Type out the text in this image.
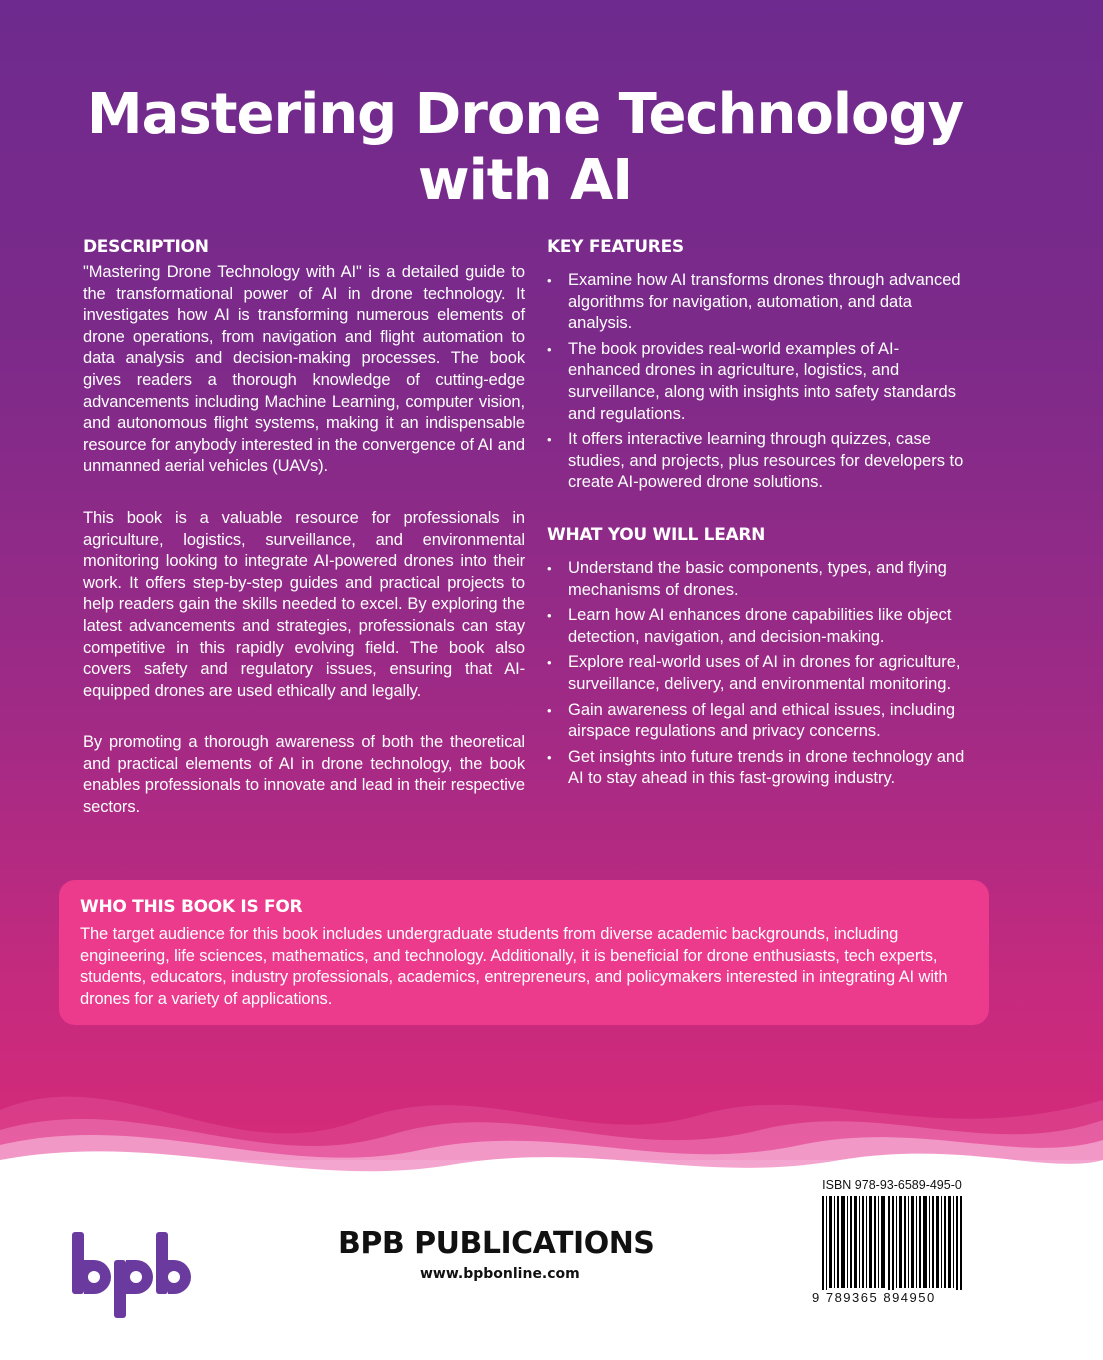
Mastering Drone Technology
with AI
DESCRIPTION

"Mastering Drone Technology with AI" is a detailed guide to the transformational power of AI in drone technology. It investigates how AI is transforming numerous elements of drone operations, from navigation and flight automation to data analysis and decision-making processes. The book gives readers a thorough knowledge of cutting-edge advancements including Machine Learning, computer vision, and autonomous flight systems, making it an indispensable resource for anybody interested in the convergence of AI and unmanned aerial vehicles (UAVs).

This book is a valuable resource for professionals in agriculture, logistics, surveillance, and environmental monitoring looking to integrate AI-powered drones into their work. It offers step-by-step guides and practical projects to help readers gain the skills needed to excel. By exploring the latest advancements and strategies, professionals can stay competitive in this rapidly evolving field. The book also covers safety and regulatory issues, ensuring that AI-equipped drones are used ethically and legally.

By promoting a thorough awareness of both the theoretical and practical elements of AI in drone technology, the book enables professionals to innovate and lead in their respective sectors.

KEY FEATURES
• Examine how AI transforms drones through advanced algorithms for navigation, automation, and data analysis.
• The book provides real-world examples of AI-enhanced drones in agriculture, logistics, and surveillance, along with insights into safety standards and regulations.
• It offers interactive learning through quizzes, case studies, and projects, plus resources for developers to create AI-powered drone solutions.
WHAT YOU WILL LEARN
• Understand the basic components, types, and flying mechanisms of drones.
• Learn how AI enhances drone capabilities like object detection, navigation, and decision-making.
• Explore real-world uses of AI in drones for agriculture, surveillance, delivery, and environmental monitoring.
• Gain awareness of legal and ethical issues, including airspace regulations and privacy concerns.
• Get insights into future trends in drone technology and AI to stay ahead in this fast-growing industry.
WHO THIS BOOK IS FOR

The target audience for this book includes undergraduate students from diverse academic backgrounds, including engineering, life sciences, mathematics, and technology. Additionally, it is beneficial for drone enthusiasts, tech experts, students, educators, industry professionals, academics, entrepreneurs, and policymakers interested in integrating AI with drones for a variety of applications.

BPB PUBLICATIONS
www.bpbonline.com
ISBN 978-93-6589-495-0
9 789365 894950
